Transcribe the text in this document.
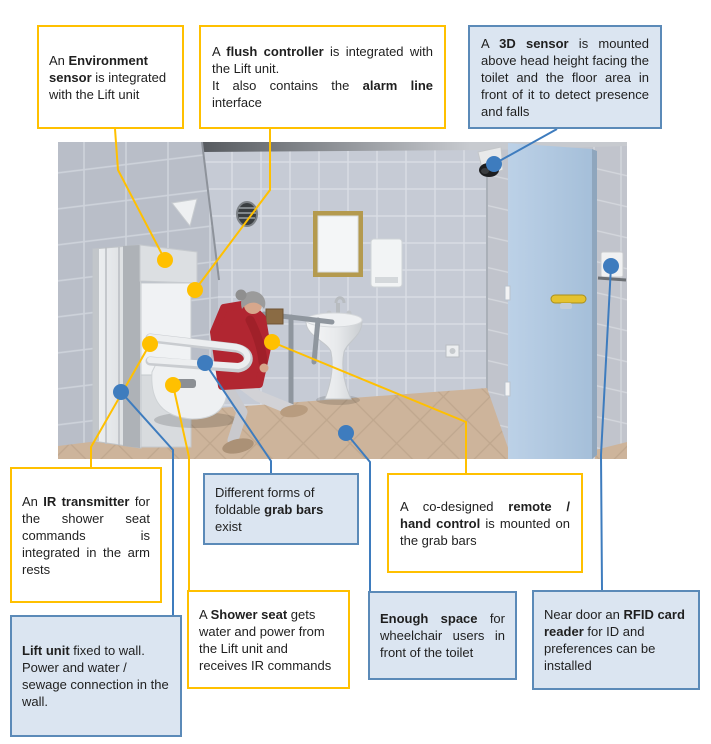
An Environment sensor is integrated with the Lift unit
A flush controller is integrated with the Lift unit.
It also contains the alarm line interface
A 3D sensor is mounted above head height facing the toilet and the floor area in front of it to detect presence and falls
An IR transmitter for the shower seat commands is integrated in the arm rests
Different forms of foldable grab bars exist
A co-designed remote / hand control is mounted on the grab bars
Lift unit fixed to wall. Power and water / sewage connection in the wall.
A Shower seat gets water and power from the Lift unit and receives IR commands
Enough space for wheelchair users in front of the toilet
Near door an RFID card reader for ID and preferences can be installed
